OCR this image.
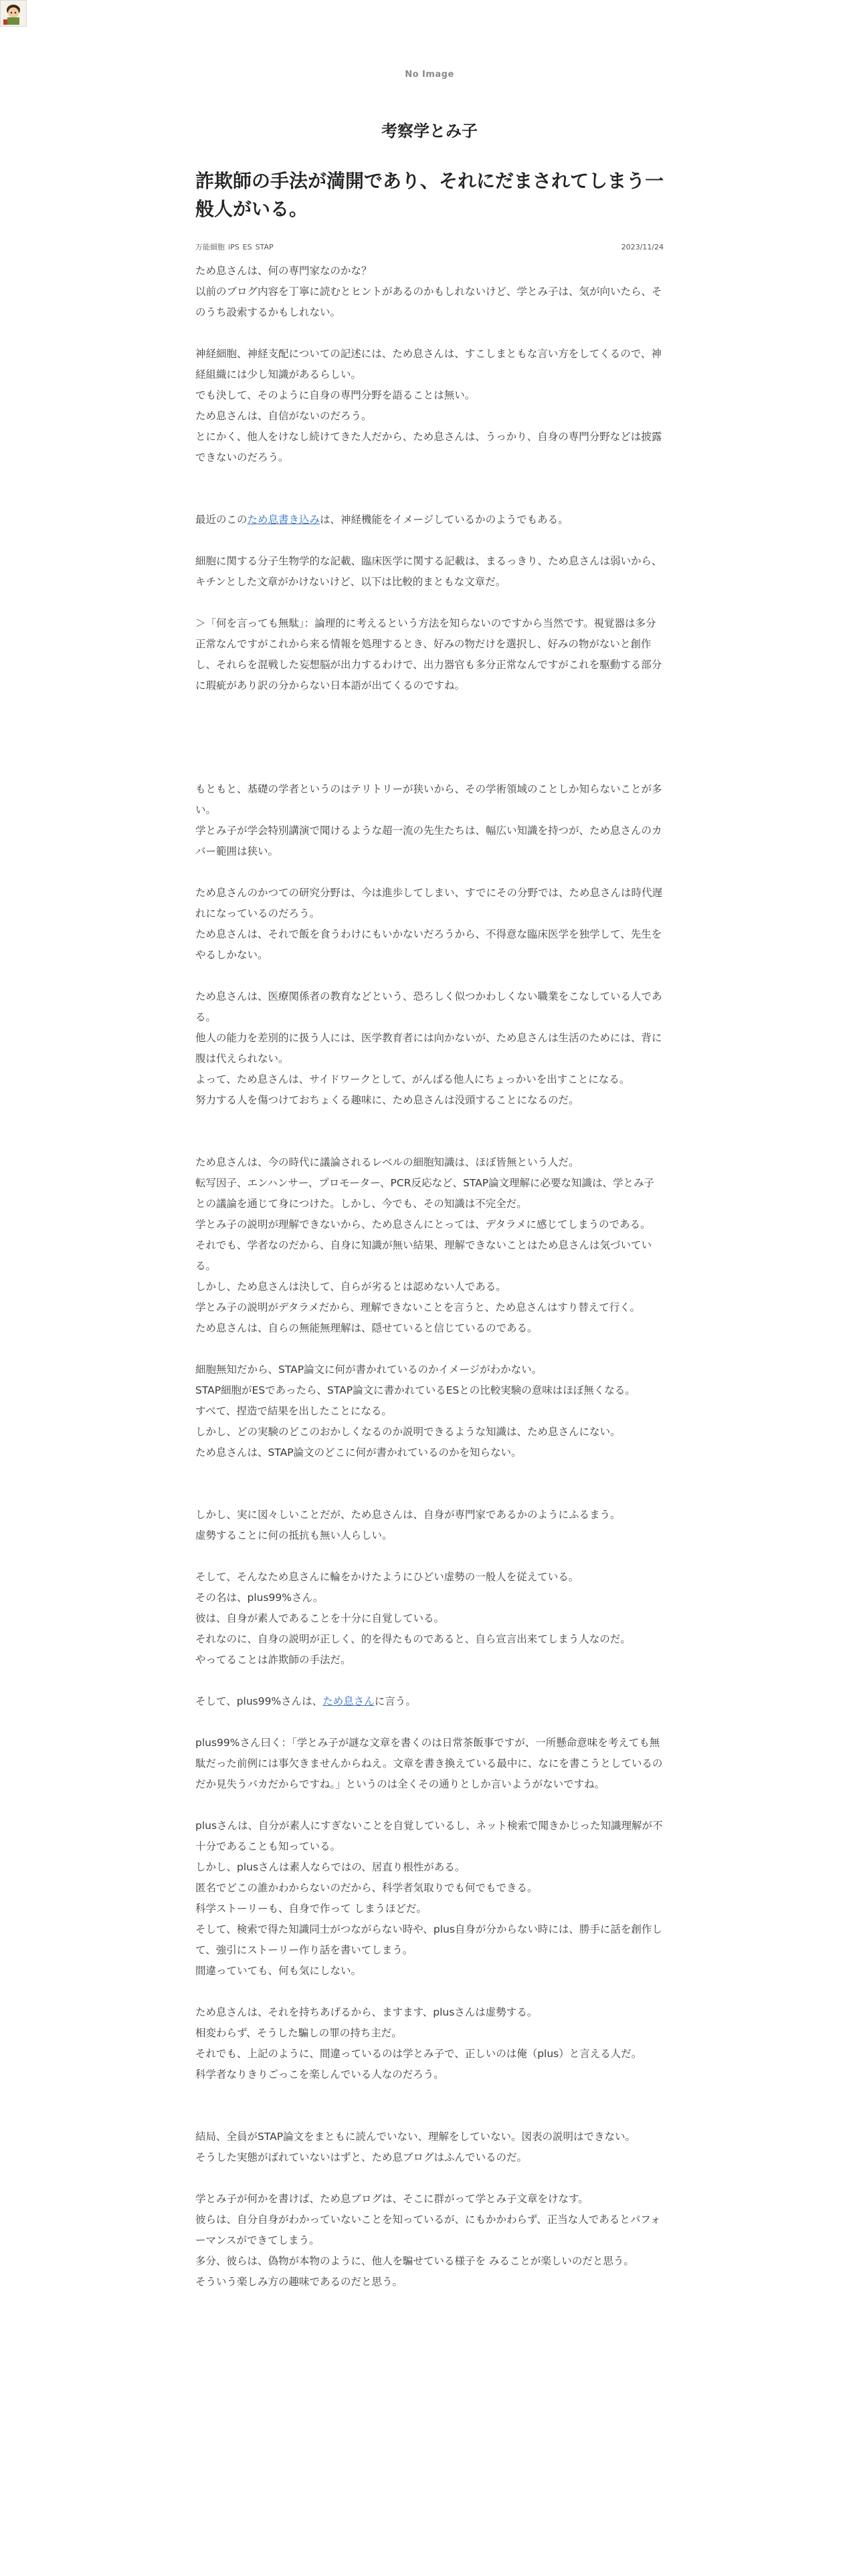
No Image
考察学とみ子
詐欺師の手法が満開であり、それにだまされてしまう一般人がいる。
万能細胞 iPS ES STAP	2023/11/24

ため息さんは、何の専門家なのかな？

以前のブログ内容を丁寧に読むとヒントがあるのかもしれないけど、学とみ子は、気が向いたら、そのうち設索するかもしれない。

神経細胞、神経支配についての記述には、ため息さんは、すこしまともな言い方をしてくるので、神経組織には少し知識があるらしい。

でも決して、そのように自身の専門分野を語ることは無い。

ため息さんは、自信がないのだろう。

とにかく、他人をけなし続けてきた人だから、ため息さんは、うっかり、自身の専門分野などは披露できないのだろう。

最近のこのため息書き込みは、神経機能をイメージしているかのようでもある。

細胞に関する分子生物学的な記載、臨床医学に関する記載は、まるっきり、ため息さんは弱いから、キチンとした文章がかけないけど、以下は比較的まともな文章だ。

＞「何を言っても無駄」：論理的に考えるという方法を知らないのですから当然です。視覚器は多分正常なんですがこれから来る情報を処理するとき、好みの物だけを選択し、好みの物がないと創作し、それらを混戦した妄想脳が出力するわけで、出力器官も多分正常なんですがこれを駆動する部分に瑕疵があり訳の分からない日本語が出てくるのですね。

もともと、基礎の学者というのはテリトリーが狭いから、その学術領域のことしか知らないことが多い。

学とみ子が学会特別講演で聞けるような超一流の先生たちは、幅広い知識を持つが、ため息さんのカバー範囲は狭い。

ため息さんのかつての研究分野は、今は進歩してしまい、すでにその分野では、ため息さんは時代遅れになっているのだろう。

ため息さんは、それで飯を食うわけにもいかないだろうから、不得意な臨床医学を独学して、先生をやるしかない。

ため息さんは、医療関係者の教育などという、恐ろしく似つかわしくない職業をこなしている人である。

他人の能力を差別的に扱う人には、医学教育者には向かないが、ため息さんは生活のためには、背に腹は代えられない。

よって、ため息さんは、サイドワークとして、がんばる他人にちょっかいを出すことになる。

努力する人を傷つけておちょくる趣味に、ため息さんは没頭することになるのだ。

ため息さんは、今の時代に議論されるレベルの細胞知識は、ほぼ皆無という人だ。

転写因子、エンハンサー、プロモーター、PCR反応など、STAP論文理解に必要な知識は、学とみ子との議論を通じて身につけた。しかし、今でも、その知識は不完全だ。

学とみ子の説明が理解できないから、ため息さんにとっては、デタラメに感じてしまうのである。

それでも、学者なのだから、自身に知識が無い結果、理解できないことはため息さんは気づいている。

しかし、ため息さんは決して、自らが劣るとは認めない人である。

学とみ子の説明がデタラメだから、理解できないことを言うと、ため息さんはすり替えて行く。

ため息さんは、自らの無能無理解は、隠せていると信じているのである。

細胞無知だから、STAP論文に何が書かれているのかイメージがわかない。

STAP細胞がESであったら、STAP論文に書かれているESとの比較実験の意味はほぼ無くなる。

すべて、捏造で結果を出したことになる。

しかし、どの実験のどこのおかしくなるのか説明できるような知識は、ため息さんにない。

ため息さんは、STAP論文のどこに何が書かれているのかを知らない。

しかし、実に図々しいことだが、ため息さんは、自身が専門家であるかのようにふるまう。

虚勢することに何の抵抗も無い人らしい。

そして、そんなため息さんに輪をかけたようにひどい虚勢の一般人を従えている。

その名は、plus99%さん。

彼は、自身が素人であることを十分に自覚している。

それなのに、自身の説明が正しく、的を得たものであると、自ら宣言出来てしまう人なのだ。

やってることは詐欺師の手法だ。

そして、plus99%さんは、ため息さんに言う。

plus99%さん曰く：「学とみ子が謎な文章を書くのは日常茶飯事ですが、一所懸命意味を考えても無駄だった前例には事欠きませんからねえ。文章を書き換えている最中に、なにを書こうとしているのだか見失うバカだからですね。」というのは全くその通りとしか言いようがないですね。

plusさんは、自分が素人にすぎないことを自覚しているし、ネット検索で聞きかじった知識理解が不十分であることも知っている。

しかし、plusさんは素人ならではの、居直り根性がある。

匿名でどこの誰かわからないのだから、科学者気取りでも何でもできる。

科学ストーリーも、自身で作って しまうほどだ。

そして、検索で得た知識同士がつながらない時や、plus自身が分からない時には、勝手に話を創作して、強引にストーリー作り話を書いてしまう。

間違っていても、何も気にしない。

ため息さんは、それを持ちあげるから、ますます、plusさんは虚勢する。

相変わらず、そうした騙しの罪の持ち主だ。

それでも、上記のように、間違っているのは学とみ子で、正しいのは俺（plus）と言える人だ。

科学者なりきりごっこを楽しんでいる人なのだろう。

結局、全員がSTAP論文をまともに読んでいない、理解をしていない。図表の説明はできない。

そうした実態がばれていないはずと、ため息ブログはふんでいるのだ。

学とみ子が何かを書けば、ため息ブログは、そこに群がって学とみ子文章をけなす。

彼らは、自分自身がわかっていないことを知っているが、にもかかわらず、正当な人であるとパフォーマンスができてしまう。

多分、彼らは、偽物が本物のように、他人を騙せている様子を みることが楽しいのだと思う。

そういう楽しみ方の趣味であるのだと思う。
